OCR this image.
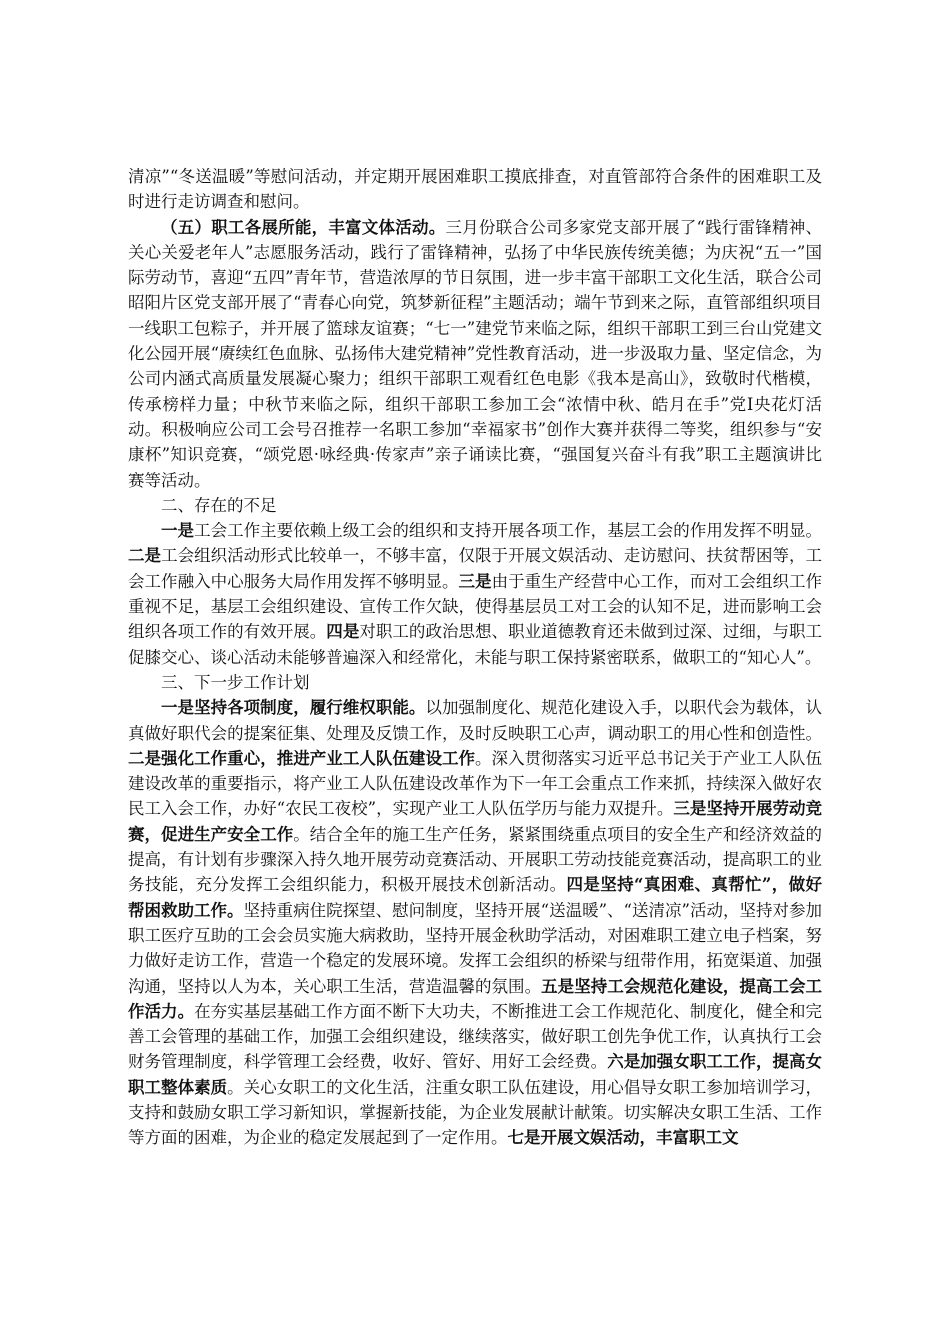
清凉”“冬送温暖”等慰问活动，并定期开展困难职工摸底排查，对直管部符合条件的困难职工及时进行走访调查和慰问。

（五）职工各展所能，丰富文体活动。三月份联合公司多家党支部开展了“践行雷锋精神、关心关爱老年人”志愿服务活动，践行了雷锋精神，弘扬了中华民族传统美德；为庆祝“五一”国际劳动节，喜迎“五四”青年节，营造浓厚的节日氛围，进一步丰富干部职工文化生活，联合公司昭阳片区党支部开展了“青春心向党，筑梦新征程”主题活动；端午节到来之际，直管部组织项目一线职工包粽子，并开展了篮球友谊赛；“七一”建党节来临之际，组织干部职工到三台山党建文化公园开展“赓续红色血脉、弘扬伟大建党精神”党性教育活动，进一步汲取力量、坚定信念，为公司内涵式高质量发展凝心聚力；组织干部职工观看红色电影《我本是高山》，致敬时代楷模，传承榜样力量；中秋节来临之际，组织干部职工参加工会“浓情中秋、皓月在手”党Ⅰ央花灯活动。积极响应公司工会号召推荐一名职工参加“幸福家书”创作大赛并获得二等奖，组织参与“安康杯”知识竞赛，“颂党恩·咏经典·传家声”亲子诵读比赛，“强国复兴奋斗有我”职工主题演讲比赛等活动。

二、存在的不足

一是工会工作主要依赖上级工会的组织和支持开展各项工作，基层工会的作用发挥不明显。二是工会组织活动形式比较单一，不够丰富，仅限于开展文娱活动、走访慰问、扶贫帮困等，工会工作融入中心服务大局作用发挥不够明显。三是由于重生产经营中心工作，而对工会组织工作重视不足，基层工会组织建设、宣传工作欠缺，使得基层员工对工会的认知不足，进而影响工会组织各项工作的有效开展。四是对职工的政治思想、职业道德教育还未做到过深、过细，与职工促膝交心、谈心活动未能够普遍深入和经常化，未能与职工保持紧密联系，做职工的“知心人”。

三、下一步工作计划

一是坚持各项制度，履行维权职能。以加强制度化、规范化建设入手，以职代会为载体，认真做好职代会的提案征集、处理及反馈工作，及时反映职工心声，调动职工的用心性和创造性。二是强化工作重心，推进产业工人队伍建设工作。深入贯彻落实习近平总书记关于产业工人队伍建设改革的重要指示，将产业工人队伍建设改革作为下一年工会重点工作来抓，持续深入做好农民工入会工作，办好“农民工夜校”，实现产业工人队伍学历与能力双提升。三是坚持开展劳动竞赛，促进生产安全工作。结合全年的施工生产任务，紧紧围绕重点项目的安全生产和经济效益的提高，有计划有步骤深入持久地开展劳动竞赛活动、开展职工劳动技能竞赛活动，提高职工的业务技能，充分发挥工会组织能力，积极开展技术创新活动。四是坚持“真困难、真帮忙”，做好帮困救助工作。坚持重病住院探望、慰问制度，坚持开展“送温暖”、“送清凉”活动，坚持对参加职工医疗互助的工会会员实施大病救助，坚持开展金秋助学活动，对困难职工建立电子档案，努力做好走访工作，营造一个稳定的发展环境。发挥工会组织的桥梁与纽带作用，拓宽渠道、加强沟通，坚持以人为本，关心职工生活，营造温馨的氛围。五是坚持工会规范化建设，提高工会工作活力。在夯实基层基础工作方面不断下大功夫，不断推进工会工作规范化、制度化，健全和完善工会管理的基础工作，加强工会组织建设，继续落实，做好职工创先争优工作，认真执行工会财务管理制度，科学管理工会经费，收好、管好、用好工会经费。六是加强女职工工作，提高女职工整体素质。关心女职工的文化生活，注重女职工队伍建设，用心倡导女职工参加培训学习，支持和鼓励女职工学习新知识，掌握新技能，为企业发展献计献策。切实解决女职工生活、工作等方面的困难，为企业的稳定发展起到了一定作用。七是开展文娱活动，丰富职工文
